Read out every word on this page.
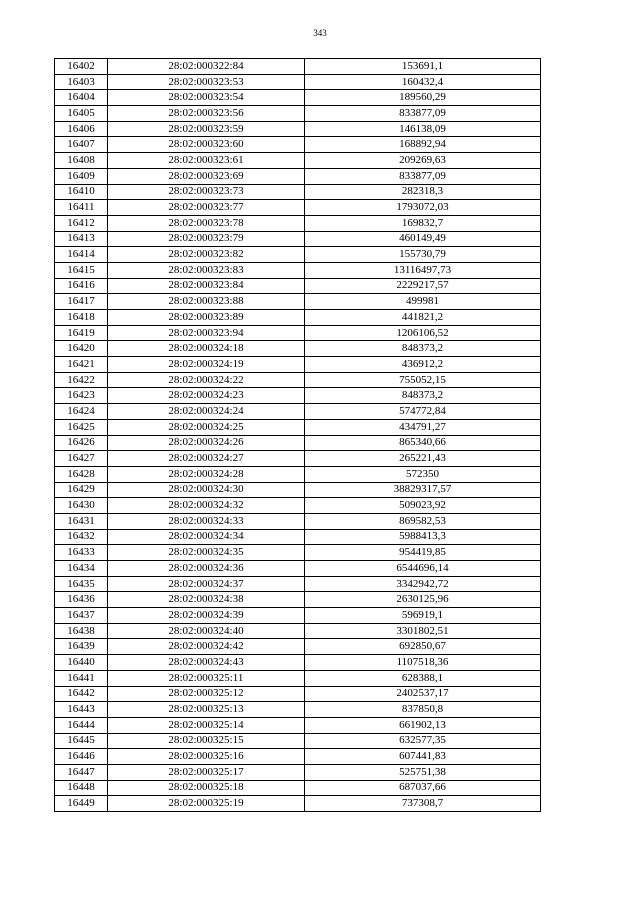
343
16402	28:02:000322:84	153691,1
16403	28:02:000323:53	160432,4
16404	28:02:000323:54	189560,29
16405	28:02:000323:56	833877,09
16406	28:02:000323:59	146138,09
16407	28:02:000323:60	168892,94
16408	28:02:000323:61	209269,63
16409	28:02:000323:69	833877,09
16410	28:02:000323:73	282318,3
16411	28:02:000323:77	1793072,03
16412	28:02:000323:78	169832,7
16413	28:02:000323:79	460149,49
16414	28:02:000323:82	155730,79
16415	28:02:000323:83	13116497,73
16416	28:02:000323:84	2229217,57
16417	28:02:000323:88	499981
16418	28:02:000323:89	441821,2
16419	28:02:000323:94	1206106,52
16420	28:02:000324:18	848373,2
16421	28:02:000324:19	436912,2
16422	28:02:000324:22	755052,15
16423	28:02:000324:23	848373,2
16424	28:02:000324:24	574772,84
16425	28:02:000324:25	434791,27
16426	28:02:000324:26	865340,66
16427	28:02:000324:27	265221,43
16428	28:02:000324:28	572350
16429	28:02:000324:30	38829317,57
16430	28:02:000324:32	509023,92
16431	28:02:000324:33	869582,53
16432	28:02:000324:34	5988413,3
16433	28:02:000324:35	954419,85
16434	28:02:000324:36	6544696,14
16435	28:02:000324:37	3342942,72
16436	28:02:000324:38	2630125,96
16437	28:02:000324:39	596919,1
16438	28:02:000324:40	3301802,51
16439	28:02:000324:42	692850,67
16440	28:02:000324:43	1107518,36
16441	28:02:000325:11	628388,1
16442	28:02:000325:12	2402537,17
16443	28:02:000325:13	837850,8
16444	28:02:000325:14	661902,13
16445	28:02:000325:15	632577,35
16446	28:02:000325:16	607441,83
16447	28:02:000325:17	525751,38
16448	28:02:000325:18	687037,66
16449	28:02:000325:19	737308,7
